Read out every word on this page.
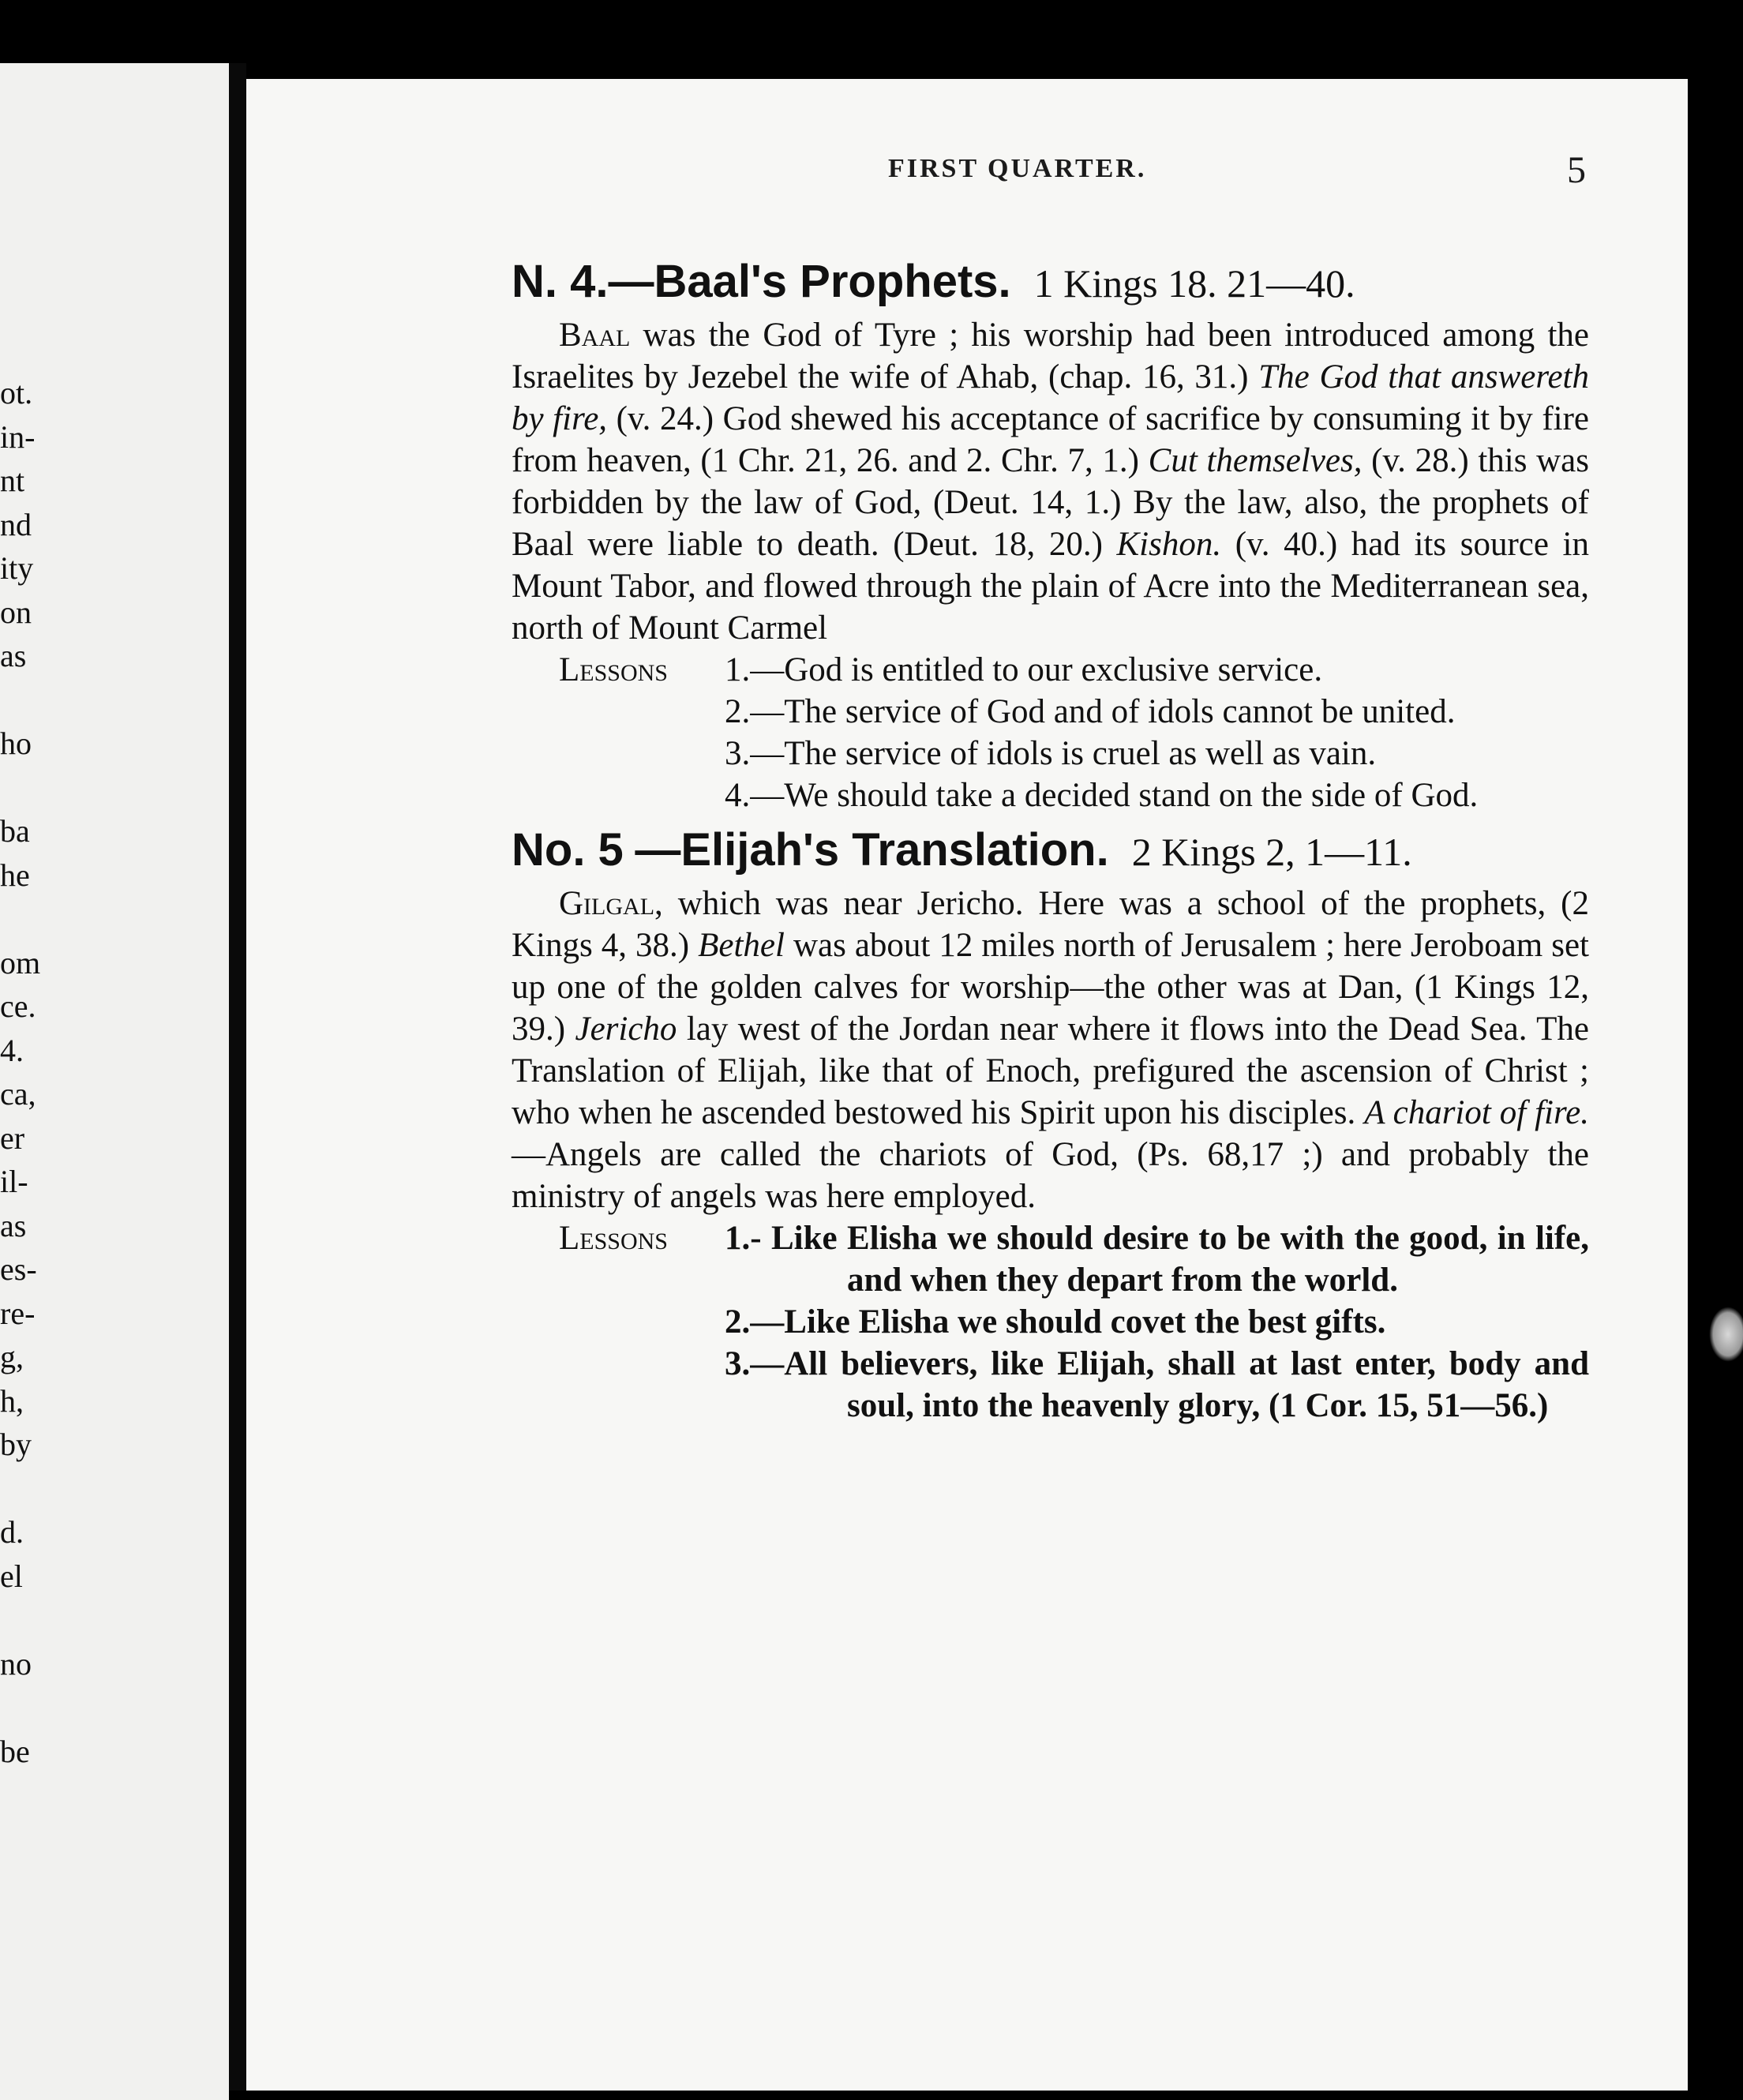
ot.
in-
nt
nd
ity
on
as
ho
ba
he
om
ce.
4.
ca,
er
il-
as
es-
re-
g,
h,
by
d.
el
no
be
FIRST QUARTER.	5
N. 4.—Baal's Prophets. 1 Kings 18. 21—40.

Baal was the God of Tyre ; his worship had been introduced among the Israelites by Jezebel the wife of Ahab, (chap. 16, 31.) The God that answereth by fire, (v. 24.) God shewed his acceptance of sacrifice by consuming it by fire from heaven, (1 Chr. 21, 26. and 2. Chr. 7, 1.) Cut themselves, (v. 28.) this was forbidden by the law of God, (Deut. 14, 1.) By the law, also, the prophets of Baal were liable to death. (Deut. 18, 20.) Kishon. (v. 40.) had its source in Mount Tabor, and flowed through the plain of Acre into the Mediterranean sea, north of Mount Carmel

Lessons	1.—God is entitled to our exclusive service.
2.—The service of God and of idols cannot be united.
3.—The service of idols is cruel as well as vain.
4.—We should take a decided stand on the side of God.
No. 5 —Elijah's Translation. 2 Kings 2, 1—11.

Gilgal, which was near Jericho. Here was a school of the prophets, (2 Kings 4, 38.) Bethel was about 12 miles north of Jerusalem ; here Jeroboam set up one of the golden calves for worship—the other was at Dan, (1 Kings 12, 39.) Jericho lay west of the Jordan near where it flows into the Dead Sea. The Translation of Elijah, like that of Enoch, prefigured the ascension of Christ ; who when he ascended bestowed his Spirit upon his disciples. A chariot of fire.—Angels are called the chariots of God, (Ps. 68,17 ;) and probably the ministry of angels was here employed.

Lessons	1.- Like Elisha we should desire to be with the good, in life, and when they depart from the world.
2.—Like Elisha we should covet the best gifts.
3.—All believers, like Elijah, shall at last enter, body and soul, into the heavenly glory, (1 Cor. 15, 51—56.)
